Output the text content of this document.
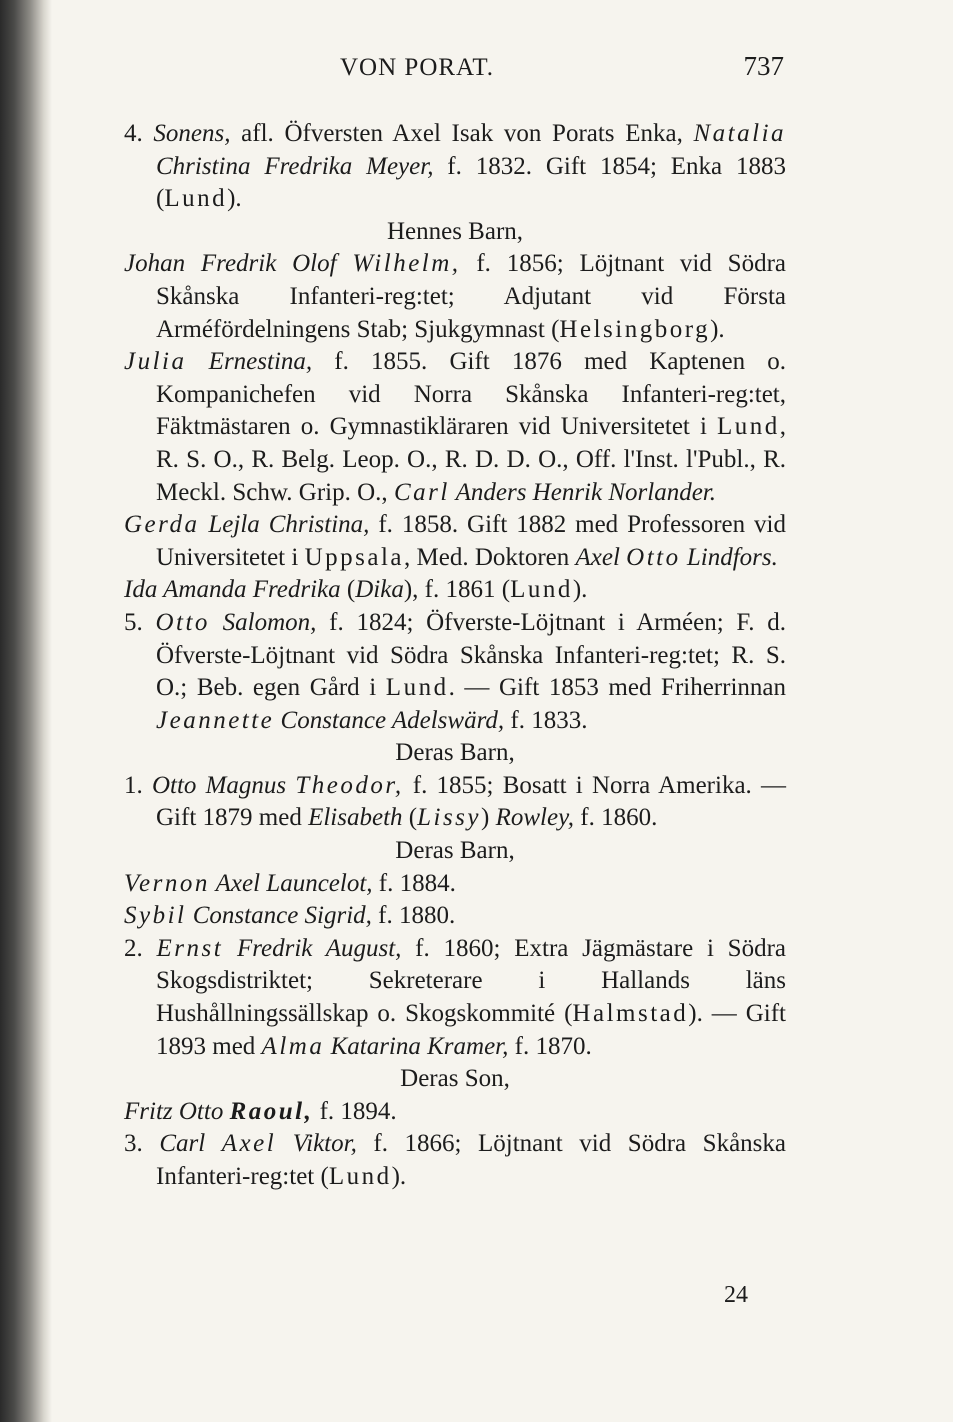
VON PORAT.	737
4. Sonens, afl. Öfversten Axel Isak von Porats Enka, Natalia Christina Fredrika Meyer, f. 1832. Gift 1854; Enka 1883 (Lund).
Hennes Barn,
Johan Fredrik Olof Wilhelm, f. 1856; Löjtnant vid Södra Skånska Infanteri-reg:tet; Adjutant vid Första Arméfördelningens Stab; Sjukgymnast (Helsingborg).
Julia Ernestina, f. 1855. Gift 1876 med Kaptenen o. Kompanichefen vid Norra Skånska Infanteri-reg:tet, Fäktmästaren o. Gymnastikläraren vid Universitetet i Lund, R. S. O., R. Belg. Leop. O., R. D. D. O., Off. l'Inst. l'Publ., R. Meckl. Schw. Grip. O., Carl Anders Henrik Norlander.
Gerda Lejla Christina, f. 1858. Gift 1882 med Professoren vid Universitetet i Uppsala, Med. Doktoren Axel Otto Lindfors.
Ida Amanda Fredrika (Dika), f. 1861 (Lund).
5. Otto Salomon, f. 1824; Öfverste-Löjtnant i Arméen; F. d. Öfverste-Löjtnant vid Södra Skånska Infanteri-reg:tet; R. S. O.; Beb. egen Gård i Lund. — Gift 1853 med Friherrinnan Jeannette Constance Adelswärd, f. 1833.
Deras Barn,
1. Otto Magnus Theodor, f. 1855; Bosatt i Norra Amerika. — Gift 1879 med Elisabeth (Lissy) Rowley, f. 1860.
Deras Barn,
Vernon Axel Launcelot, f. 1884.
Sybil Constance Sigrid, f. 1880.
2. Ernst Fredrik August, f. 1860; Extra Jägmästare i Södra Skogsdistriktet; Sekreterare i Hallands läns Hushållningssällskap o. Skogskommité (Halmstad). — Gift 1893 med Alma Katarina Kramer, f. 1870.
Deras Son,
Fritz Otto Raoul, f. 1894.
3. Carl Axel Viktor, f. 1866; Löjtnant vid Södra Skånska Infanteri-reg:tet (Lund).
24
